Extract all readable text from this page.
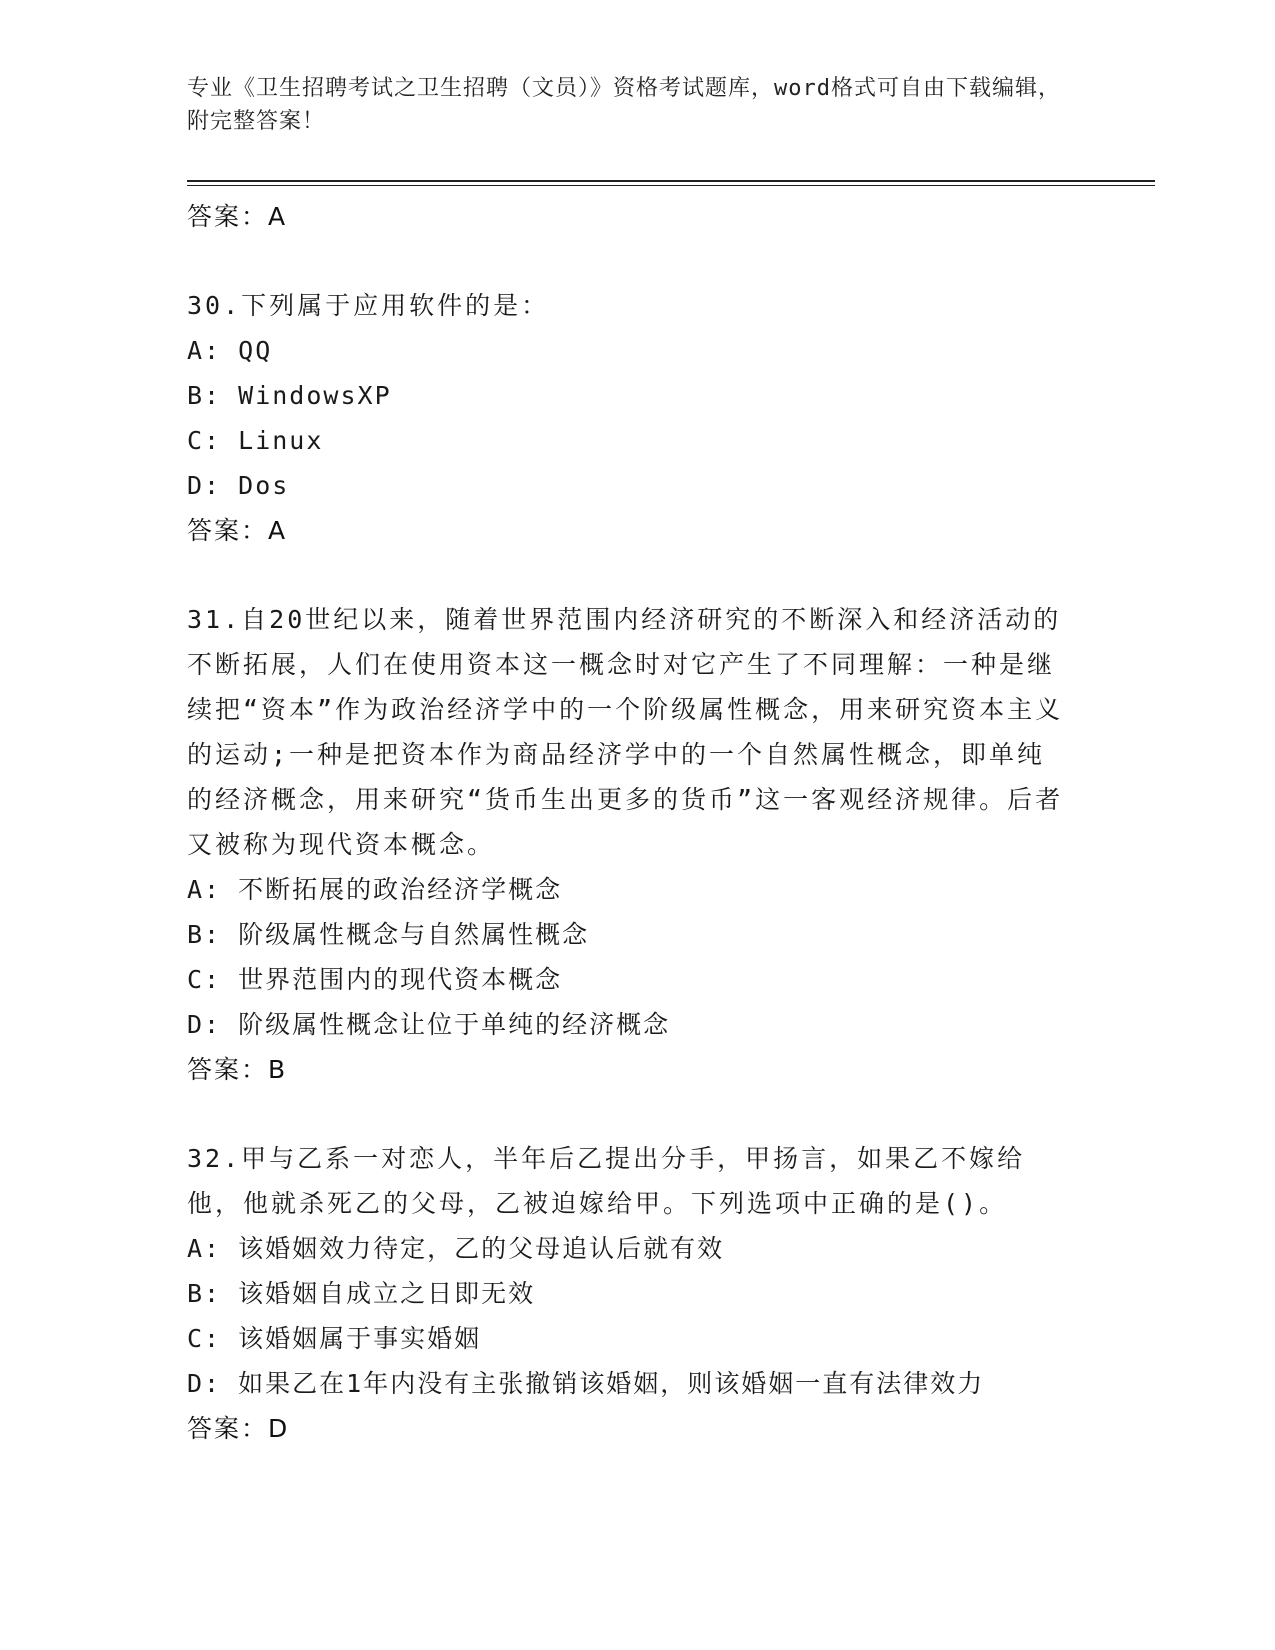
专业《卫生招聘考试之卫生招聘（文员）》资格考试题库，word格式可自由下载编辑，附完整答案！
答案：A
30.下列属于应用软件的是：
A: QQ
B: WindowsXP
C: Linux
D: Dos
答案：A
31.自20世纪以来，随着世界范围内经济研究的不断深入和经济活动的不断拓展，人们在使用资本这一概念时对它产生了不同理解：一种是继续把“资本”作为政治经济学中的一个阶级属性概念，用来研究资本主义的运动;一种是把资本作为商品经济学中的一个自然属性概念，即单纯的经济概念，用来研究“货币生出更多的货币”这一客观经济规律。后者又被称为现代资本概念。
A: 不断拓展的政治经济学概念
B: 阶级属性概念与自然属性概念
C: 世界范围内的现代资本概念
D: 阶级属性概念让位于单纯的经济概念
答案：B
32.甲与乙系一对恋人，半年后乙提出分手，甲扬言，如果乙不嫁给他，他就杀死乙的父母，乙被迫嫁给甲。下列选项中正确的是()。
A: 该婚姻效力待定，乙的父母追认后就有效
B: 该婚姻自成立之日即无效
C: 该婚姻属于事实婚姻
D: 如果乙在1年内没有主张撤销该婚姻，则该婚姻一直有法律效力
答案：D
